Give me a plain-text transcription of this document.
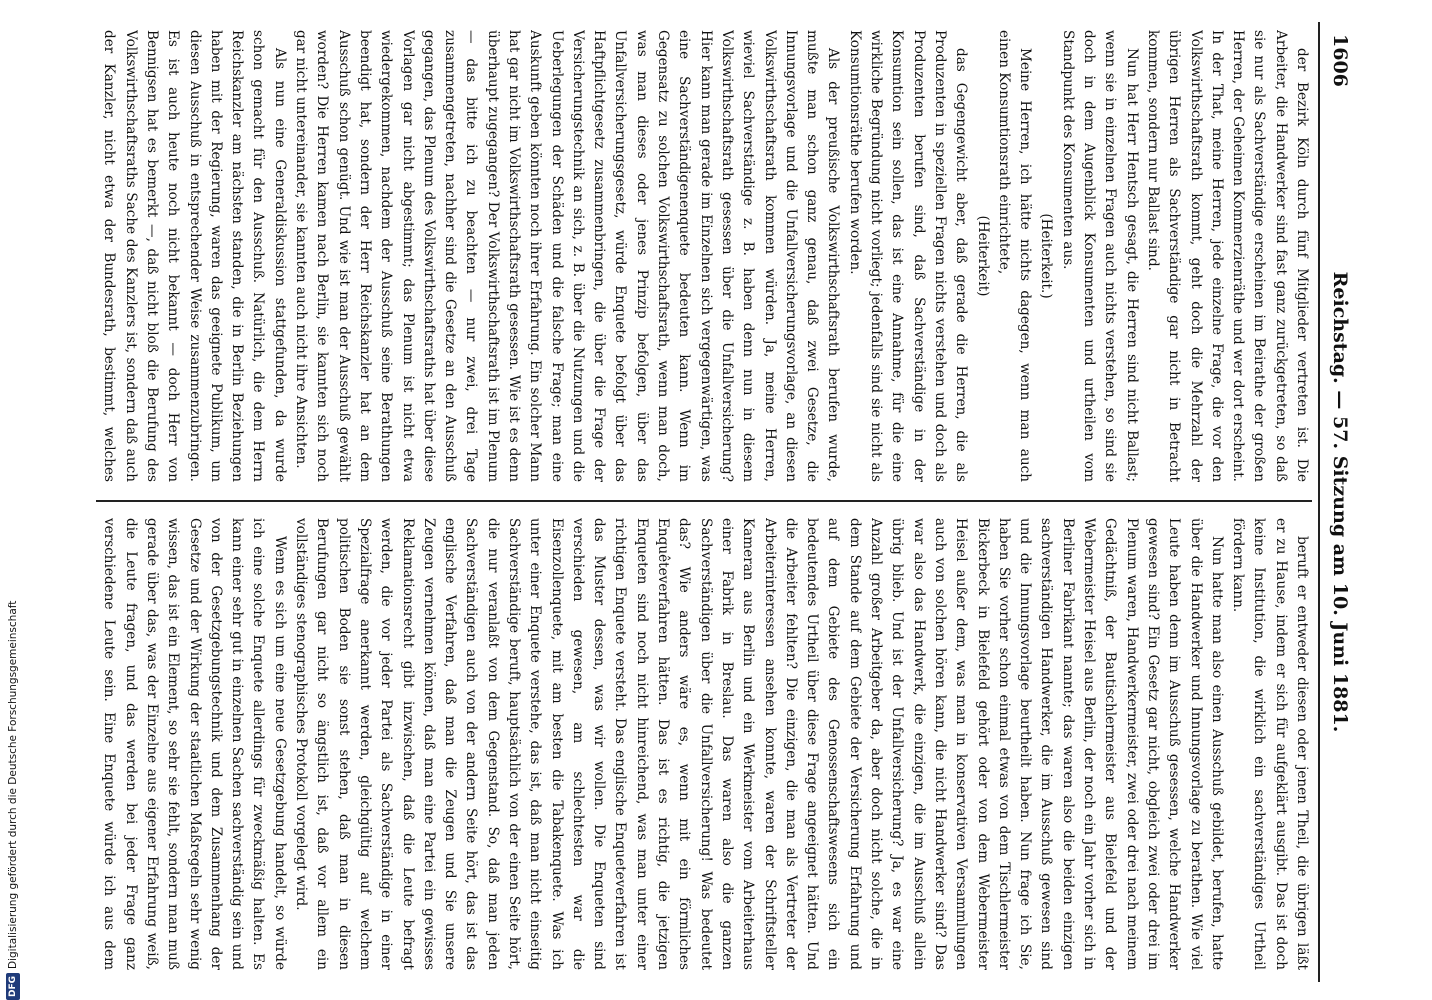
1606
Reichstag. — 57. Sitzung am 10. Juni 1881.

der Bezirk Köln durch fünf Mitglieder vertreten ist. Die Arbeiter, die Handwerker sind fast ganz zurückgetreten, so daß sie nur als Sachverständige erscheinen im Beirathe der großen Herren, der Geheimen Kommerzienräthe und wer dort erscheint. In der That, meine Herren, jede einzelne Frage, die vor den Volkswirthschaftsrath kommt, geht doch die Mehrzahl der übrigen Herren als Sachverständige gar nicht in Betracht kommen, sondern nur Ballast sind.

Nun hat Herr Hentsch gesagt, die Herren sind nicht Ballast; wenn sie in einzelnen Fragen auch nichts verstehen, so sind sie doch in dem Augenblick Konsumenten und urtheilen vom Standpunkt des Konsumenten aus.

(Heiterkeit.)

Meine Herren, ich hätte nichts dagegen, wenn man auch einen Konsumtionsrath einrichtete,

(Heiterkeit)

das Gegengewicht aber, daß gerade die Herren, die als Produzenten in speziellen Fragen nichts verstehen und doch als Produzenten berufen sind, daß Sachverständige in der Konsumtion sein sollen, das ist eine Annahme, für die eine wirkliche Begründung nicht vorliegt; jedenfalls sind sie nicht als Konsumtionsräthe berufen worden.

Als der preußische Volkswirthschaftsrath berufen wurde, mußte man schon ganz genau, daß zwei Gesetze, die Innungsvorlage und die Unfallversicherungsvorlage, an diesen Volkswirthschaftsrath kommen würden. Ja, meine Herren, wieviel Sachverständige z. B. haben denn nun in diesem Volkswirthschaftsrath gesessen über die Unfallversicherung? Hier kann man gerade im Einzelnen sich vergegenwärtigen, was eine Sachverständigenenquete bedeuten kann. Wenn im Gegensatz zu solchen Volkswirthschaftsrath, wenn man doch, was man dieses oder jenes Prinzip befolgen, über das Unfallversicherungsgesetz, würde Enquete befolgt über das Haftpflichtgesetz zusammenbringen, die über die Frage der Versicherungstechnik an sich, z. B. über die Nutzungen und die Ueberlegungen der Schäden und die falsche Frage; man eine Auskunft geben könnten noch ihrer Erfahrung. Ein solcher Mann hat gar nicht im Volkswirthschaftsrath gesessen. Wie ist es denn überhaupt zugegangen? Der Volkswirthschaftsrath ist im Plenum — das bitte ich zu beachten — nur zwei, drei Tage zusammengetreten, nachher sind die Gesetze an den Ausschuß gegangen, das Plenum des Volkswirthschaftsraths hat über diese Vorlagen gar nicht abgestimmt; das Plenum ist nicht etwa wiedergekommen, nachdem der Ausschuß seine Berathungen beendigt hat, sondern der Herr Reichskanzler hat an dem Ausschuß schon genügt. Und wie ist man der Ausschuß gewählt worden? Die Herren kamen nach Berlin, sie kannten sich noch gar nicht untereinander, sie kannten auch nicht ihre Ansichten.

Als nun eine Generaldiskussion stattgefunden, da wurde schon gemacht für den Ausschuß. Natürlich, die dem Herrn Reichskanzler am nächsten standen, die in Berlin Beziehungen haben mit der Regierung, waren das geeignete Publikum, um diesen Ausschuß in entsprechender Weise zusammenzubringen. Es ist auch heute noch nicht bekannt — doch Herr von Bennigsen hat es bemerkt —, daß nicht bloß die Berufung des Volkswirthschaftsraths Sache des Kanzlers ist, sondern daß auch der Kanzler, nicht etwa der Bundesrath, bestimmt, welches

beruft er entweder diesen oder jenen Theil, die übrigen läßt er zu Hause, indem er sich für aufgeklärt ausgibt. Das ist doch keine Institution, die wirklich ein sachverständiges Urtheil fördern kann.

Nun hatte man also einen Ausschuß gebildet, berufen, hatte über die Handwerker und Innungsvorlage zu berathen. Wie viel Leute haben denn im Ausschuß gesessen, welche Handwerker gewesen sind? Ein Gesetz gar nicht, obgleich zwei oder drei im Plenum waren, Handwerkermeister, zwei oder drei nach meinem Gedächtniß, der Bautischlermeister aus Bielefeld und der Webermeister Heisel aus Berlin, der noch ein Jahr vorher sich in Berliner Fabrikant nannte; das waren also die beiden einzigen sachverständigen Handwerker, die im Ausschuß gewesen sind und die Innungsvorlage beurtheilt haben. Nun frage ich Sie, haben Sie vorher schon einmal etwas von dem Tischlermeister Bickerbeck in Bielefeld gehört oder von dem Webermeister Heisel außer dem, was man in konservativen Versammlungen auch von solchen hören kann, die nicht Handwerker sind? Das war also das Handwerk, die einzigen, die im Ausschuß allein übrig blieb. Und ist der Unfallversicherung? Ja, es war eine Anzahl großer Arbeitgeber da, aber doch nicht solche, die in dem Stande auf dem Gebiete der Versicherung Erfahrung und auf dem Gebiete des Genossenschaftswesens sich ein bedeutendes Urtheil über diese Frage angeeignet hätten. Und die Arbeiter fehlten? Die einzigen, die man als Vertreter der Arbeiterinteressen ansehen konnte, waren der Schriftsteller Kameran aus Berlin und ein Werkmeister vom Arbeiterhaus einer Fabrik in Breslau. Das waren also die ganzen Sachverständigen über die Unfallversicherung! Was bedeutet das? Wie anders wäre es, wenn mit ein förmliches Enquêteverfahren hätten. Das ist es richtig, die jetzigen Enqueten sind noch nicht hinreichend, was man unter einer richtigen Enquete versteht. Das englische Enqueteverfahren ist das Muster dessen, was wir wollen. Die Enqueten sind verschieden gewesen, am schlechtesten war die Eisenzollenquete, mit am besten die Tabakenquete. Was ich unter einer Enquete verstehe, das ist, daß man nicht einseitig Sachverständige beruft, hauptsächlich von der einen Seite hört, die nur veranlaßt von dem Gegenstand. So, daß man jeden Sachverständigen auch von der andern Seite hört, das ist das englische Verfahren, daß man die Zeugen und Sie unsere Zeugen vernehmen können, daß man eine Partei ein gewisses Reklamationsrecht gibt inzwischen, daß die Leute befragt werden, die vor jeder Partei als Sachverständige in einer Spezialfrage anerkannt werden, gleichgültig auf welchem politischen Boden sie sonst stehen, daß man in diesen Berufungen gar nicht so ängstlich ist, daß vor allem ein vollständiges stenographisches Protokoll vorgelegt wird.

Wenn es sich um eine neue Gesetzgebung handelt, so würde ich eine solche Enquete allerdings für zweckmäßig halten. Es kann einer sehr gut in einzelnen Sachen sachverständig sein und von der Gesetzgebungstechnik und dem Zusammenhang der Gesetze und der Wirkung der staatlichen Maßregeln sehr wenig wissen, das ist ein Element, so sehr sie fehlt, sondern man muß gerade über das, was der Einzelne aus eigener Erfahrung weiß, die Leute fragen, und das werden bei jeder Frage ganz verschiedene Leute sein. Eine Enquete würde ich aus dem

DFG
Digitalisierung gefördert durch die Deutsche Forschungsgemeinschaft
